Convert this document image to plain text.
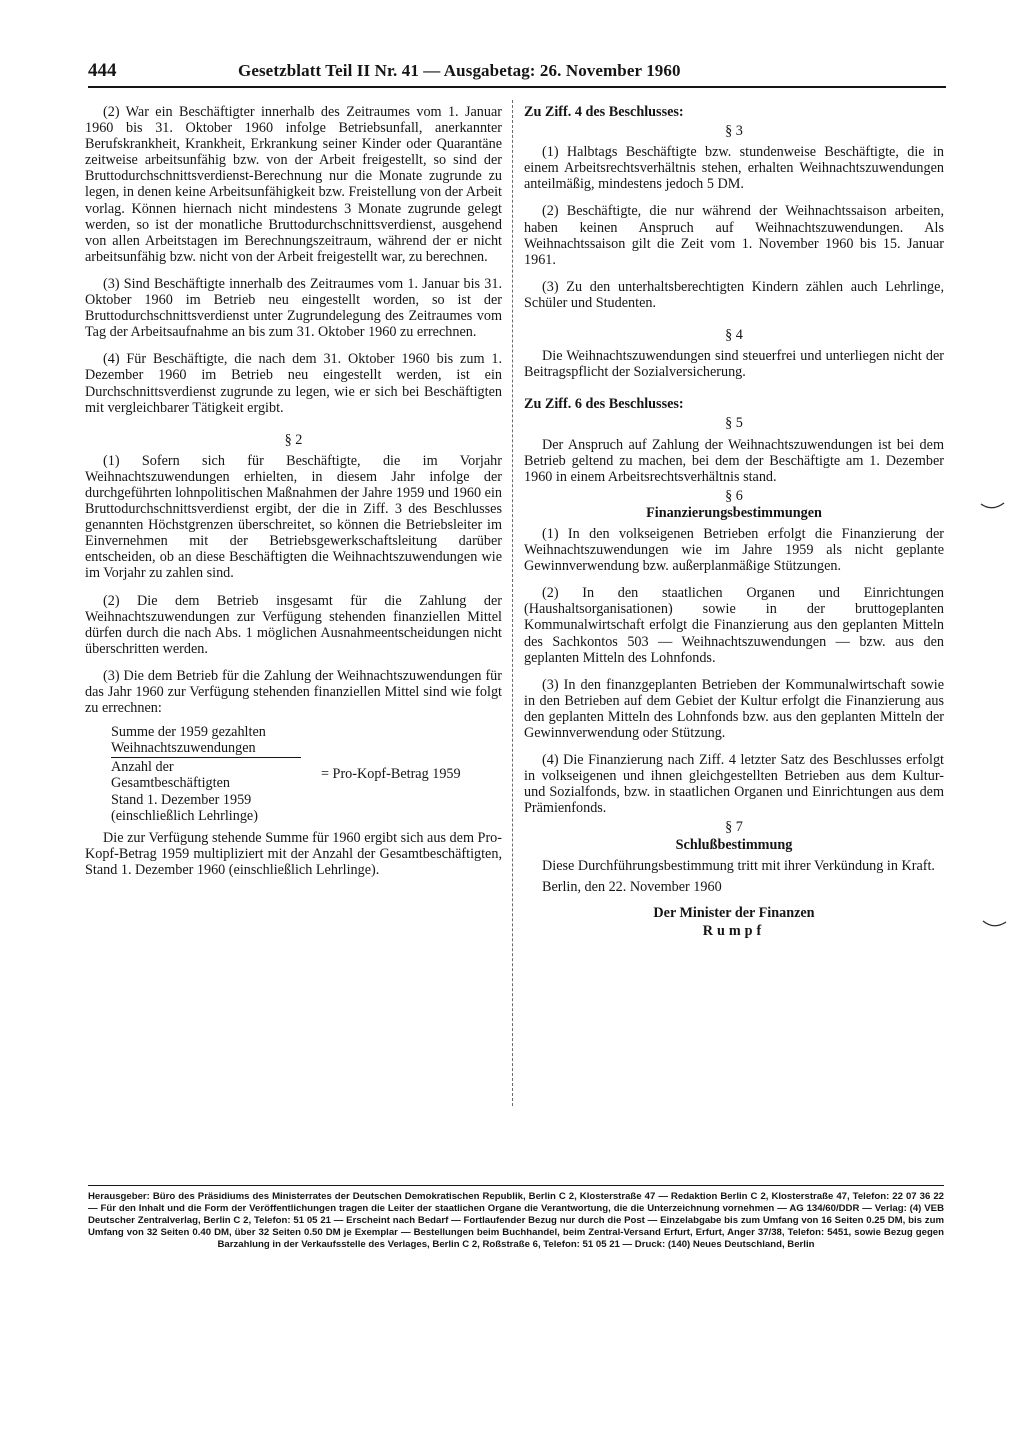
444	Gesetzblatt Teil II Nr. 41 — Ausgabetag: 26. November 1960

(2) War ein Beschäftigter innerhalb des Zeitraumes vom 1. Januar 1960 bis 31. Oktober 1960 infolge Betriebsunfall, anerkannter Berufskrankheit, Krankheit, Erkrankung seiner Kinder oder Quarantäne zeitweise arbeitsunfähig bzw. von der Arbeit freigestellt, so sind der Bruttodurchschnittsverdienst-Berechnung nur die Monate zugrunde zu legen, in denen keine Arbeitsunfähigkeit bzw. Freistellung von der Arbeit vorlag. Können hiernach nicht mindestens 3 Monate zugrunde gelegt werden, so ist der monatliche Bruttodurchschnittsverdienst, ausgehend von allen Arbeitstagen im Berechnungszeitraum, während der er nicht arbeitsunfähig bzw. nicht von der Arbeit freigestellt war, zu berechnen.

(3) Sind Beschäftigte innerhalb des Zeitraumes vom 1. Januar bis 31. Oktober 1960 im Betrieb neu eingestellt worden, so ist der Bruttodurchschnittsverdienst unter Zugrundelegung des Zeitraumes vom Tag der Arbeitsaufnahme an bis zum 31. Oktober 1960 zu errechnen.

(4) Für Beschäftigte, die nach dem 31. Oktober 1960 bis zum 1. Dezember 1960 im Betrieb neu eingestellt werden, ist ein Durchschnittsverdienst zugrunde zu legen, wie er sich bei Beschäftigten mit vergleichbarer Tätigkeit ergibt.

§ 2

(1) Sofern sich für Beschäftigte, die im Vorjahr Weihnachtszuwendungen erhielten, in diesem Jahr infolge der durchgeführten lohnpolitischen Maßnahmen der Jahre 1959 und 1960 ein Bruttodurchschnittsverdienst ergibt, der die in Ziff. 3 des Beschlusses genannten Höchstgrenzen überschreitet, so können die Betriebsleiter im Einvernehmen mit der Betriebsgewerkschaftsleitung darüber entscheiden, ob an diese Beschäftigten die Weihnachtszuwendungen wie im Vorjahr zu zahlen sind.

(2) Die dem Betrieb insgesamt für die Zahlung der Weihnachtszuwendungen zur Verfügung stehenden finanziellen Mittel dürfen durch die nach Abs. 1 möglichen Ausnahmeentscheidungen nicht überschritten werden.

(3) Die dem Betrieb für die Zahlung der Weihnachtszuwendungen für das Jahr 1960 zur Verfügung stehenden finanziellen Mittel sind wie folgt zu errechnen:

Summe der 1959 gezahlten
Weihnachtszuwendungen
Anzahl der
Gesamtbeschäftigten
Stand 1. Dezember 1959
(einschließlich Lehrlinge)
= Pro-Kopf-Betrag 1959

Die zur Verfügung stehende Summe für 1960 ergibt sich aus dem Pro-Kopf-Betrag 1959 multipliziert mit der Anzahl der Gesamtbeschäftigten, Stand 1. Dezember 1960 (einschließlich Lehrlinge).

Zu Ziff. 4 des Beschlusses:

§ 3

(1) Halbtags Beschäftigte bzw. stundenweise Beschäftigte, die in einem Arbeitsrechtsverhältnis stehen, erhalten Weihnachtszuwendungen anteilmäßig, mindestens jedoch 5 DM.

(2) Beschäftigte, die nur während der Weihnachtssaison arbeiten, haben keinen Anspruch auf Weihnachtszuwendungen. Als Weihnachtssaison gilt die Zeit vom 1. November 1960 bis 15. Januar 1961.

(3) Zu den unterhaltsberechtigten Kindern zählen auch Lehrlinge, Schüler und Studenten.

§ 4

Die Weihnachtszuwendungen sind steuerfrei und unterliegen nicht der Beitragspflicht der Sozialversicherung.

Zu Ziff. 6 des Beschlusses:

§ 5

Der Anspruch auf Zahlung der Weihnachtszuwendungen ist bei dem Betrieb geltend zu machen, bei dem der Beschäftigte am 1. Dezember 1960 in einem Arbeitsrechtsverhältnis stand.

§ 6

Finanzierungsbestimmungen

(1) In den volkseigenen Betrieben erfolgt die Finanzierung der Weihnachtszuwendungen wie im Jahre 1959 als nicht geplante Gewinnverwendung bzw. außerplanmäßige Stützungen.

(2) In den staatlichen Organen und Einrichtungen (Haushaltsorganisationen) sowie in der bruttogeplanten Kommunalwirtschaft erfolgt die Finanzierung aus den geplanten Mitteln des Sachkontos 503 — Weihnachtszuwendungen — bzw. aus den geplanten Mitteln des Lohnfonds.

(3) In den finanzgeplanten Betrieben der Kommunalwirtschaft sowie in den Betrieben auf dem Gebiet der Kultur erfolgt die Finanzierung aus den geplanten Mitteln des Lohnfonds bzw. aus den geplanten Mitteln der Gewinnverwendung oder Stützung.

(4) Die Finanzierung nach Ziff. 4 letzter Satz des Beschlusses erfolgt in volkseigenen und ihnen gleichgestellten Betrieben aus dem Kultur- und Sozialfonds, bzw. in staatlichen Organen und Einrichtungen aus dem Prämienfonds.

§ 7

Schlußbestimmung

Diese Durchführungsbestimmung tritt mit ihrer Verkündung in Kraft.

Berlin, den 22. November 1960

Der Minister der Finanzen

Rumpf

Herausgeber: Büro des Präsidiums des Ministerrates der Deutschen Demokratischen Republik, Berlin C 2, Klosterstraße 47 — Redaktion Berlin C 2, Klosterstraße 47, Telefon: 22 07 36 22 — Für den Inhalt und die Form der Veröffentlichungen tragen die Leiter der staatlichen Organe die Verantwortung, die die Unterzeichnung vornehmen — AG 134/60/DDR — Verlag: (4) VEB Deutscher Zentralverlag, Berlin C 2, Telefon: 51 05 21 — Erscheint nach Bedarf — Fortlaufender Bezug nur durch die Post — Einzelabgabe bis zum Umfang von 16 Seiten 0.25 DM, bis zum Umfang von 32 Seiten 0.40 DM, über 32 Seiten 0.50 DM je Exemplar — Bestellungen beim Buchhandel, beim Zentral-Versand Erfurt, Erfurt, Anger 37/38, Telefon: 5451, sowie Bezug gegen Barzahlung in der Verkaufsstelle des Verlages, Berlin C 2, Roßstraße 6, Telefon: 51 05 21 — Druck: (140) Neues Deutschland, Berlin
